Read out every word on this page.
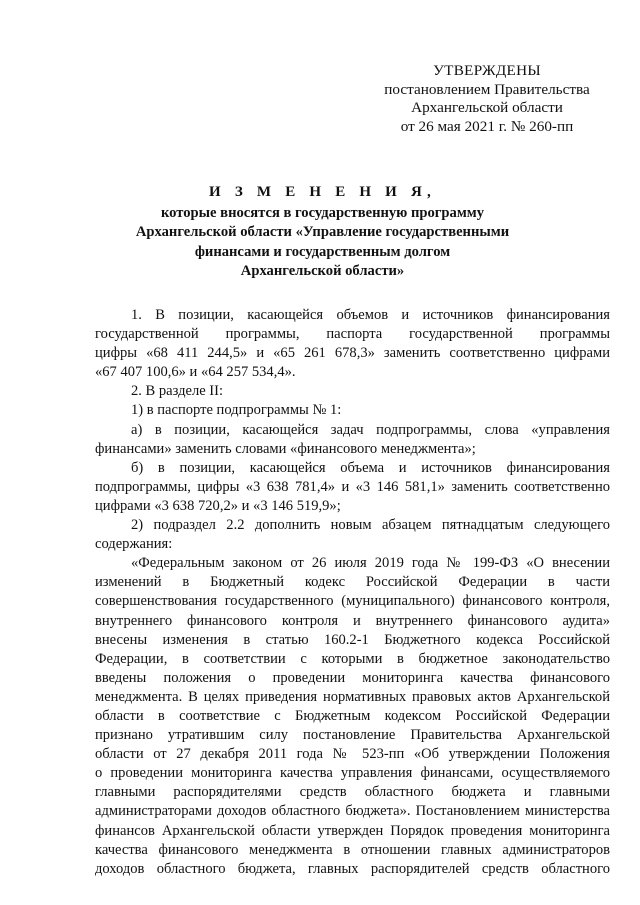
УТВЕРЖДЕНЫ
постановлением Правительства
Архангельской области
от 26 мая 2021 г. № 260-пп
И З М Е Н Е Н И Я,
которые вносятся в государственную программу
Архангельской области «Управление государственными
финансами и государственным долгом
Архангельской области»
1. В позиции, касающейся объемов и источников финансирования
государственной программы, паспорта государственной программы
цифры «68 411 244,5» и «65 261 678,3» заменить соответственно цифрами
«67 407 100,6» и «64 257 534,4».
2. В разделе II:
1) в паспорте подпрограммы № 1:
а) в позиции, касающейся задач подпрограммы, слова «управления
финансами» заменить словами «финансового менеджмента»;
б) в позиции, касающейся объема и источников финансирования
подпрограммы, цифры «3 638 781,4» и «3 146 581,1» заменить соответственно
цифрами «3 638 720,2» и «3 146 519,9»;
2) подраздел 2.2 дополнить новым абзацем пятнадцатым следующего
содержания:
«Федеральным законом от 26 июля 2019 года № 199-ФЗ «О внесении
изменений в Бюджетный кодекс Российской Федерации в части
совершенствования государственного (муниципального) финансового контроля,
внутреннего финансового контроля и внутреннего финансового аудита»
внесены изменения в статью 160.2-1 Бюджетного кодекса Российской
Федерации, в соответствии с которыми в бюджетное законодательство
введены положения о проведении мониторинга качества финансового
менеджмента. В целях приведения нормативных правовых актов Архангельской
области в соответствие с Бюджетным кодексом Российской Федерации
признано утратившим силу постановление Правительства Архангельской
области от 27 декабря 2011 года № 523-пп «Об утверждении Положения
о проведении мониторинга качества управления финансами, осуществляемого
главными распорядителями средств областного бюджета и главными
администраторами доходов областного бюджета». Постановлением министерства
финансов Архангельской области утвержден Порядок проведения мониторинга
качества финансового менеджмента в отношении главных администраторов
доходов областного бюджета, главных распорядителей средств областного
